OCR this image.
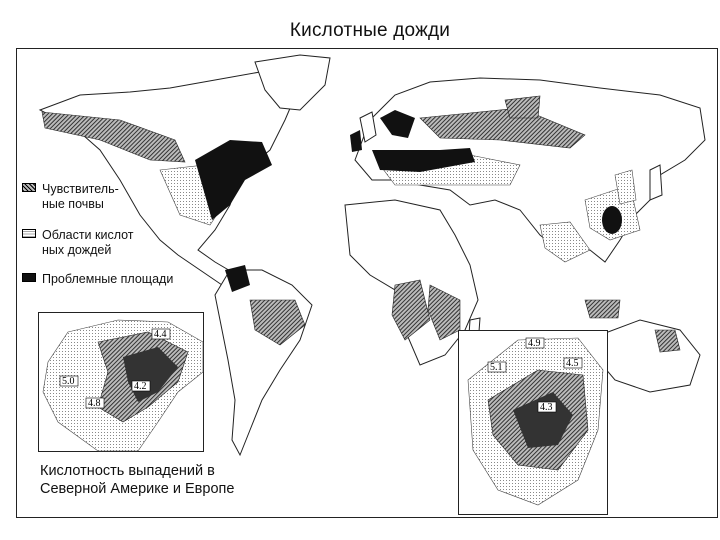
Кислотные дожди
Чувствитель-
ные почвы
Области кислот
ных дождей
Проблемные площади
4.4
5.0	4.2
4.8
4.9
5.1	4.5
4.3
Кислотность выпадений в
Северной Америке и Европе
